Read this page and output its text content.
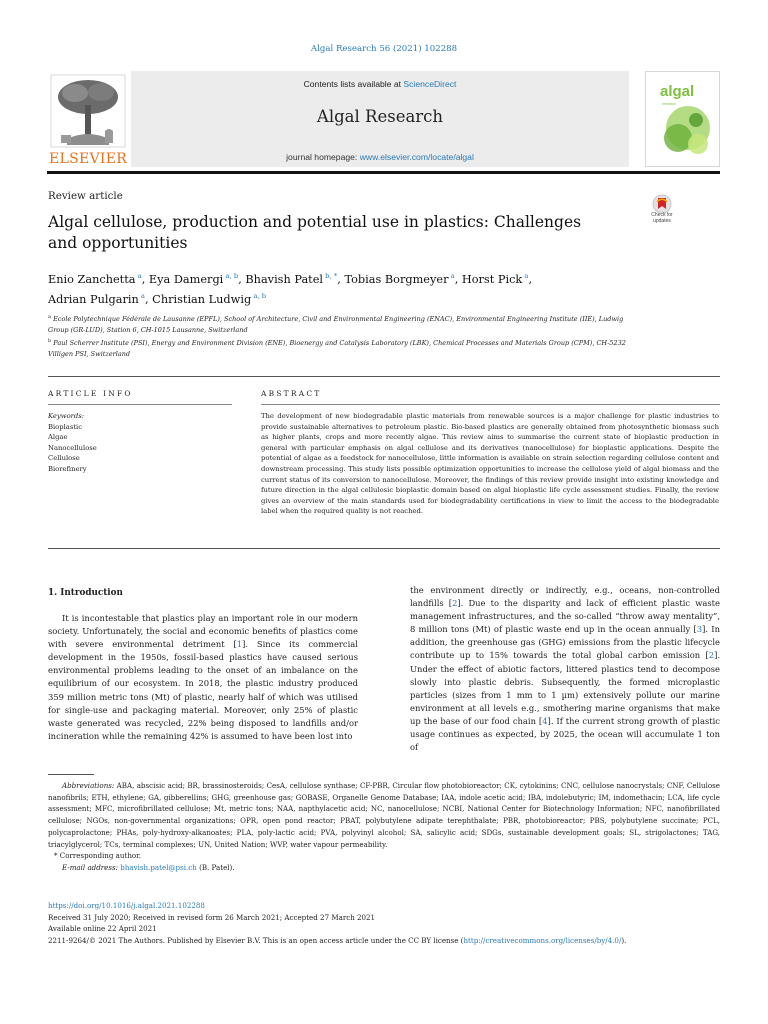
Algal Research 56 (2021) 102288
ELSEVIER
Contents lists available at ScienceDirect
Algal Research
journal homepage: www.elsevier.com/locate/algal
algal
research
Review article
Algal cellulose, production and potential use in plastics: Challenges and opportunities
Check for updates
Enio Zanchetta $^a$, Eya Damergi $^{a, b}$, Bhavish Patel $^{b, *}$, Tobias Borgmeyer $^a$, Horst Pick $^a$,
Adrian Pulgarin $^a$, Christian Ludwig $^{a, b}$
$^a$ Ecole Polytechnique Fédérale de Lausanne (EPFL), School of Architecture, Civil and Environmental Engineering (ENAC), Environmental Engineering Institute (IIE), Ludwig Group (GR-LUD), Station 6, CH-1015 Lausanne, Switzerland
$^b$ Paul Scherrer Institute (PSI), Energy and Environment Division (ENE), Bioenergy and Catalysis Laboratory (LBK), Chemical Processes and Materials Group (CPM), CH-5232 Villigen PSI, Switzerland
ARTICLE INFO	ABSTRACT
Keywords:
Bioplastic
Algae
Nanocellulose
Cellulose
Biorefinery
The development of new biodegradable plastic materials from renewable sources is a major challenge for plastic industries to provide sustainable alternatives to petroleum plastic. Bio-based plastics are generally obtained from photosynthetic biomass such as higher plants, crops and more recently algae. This review aims to summarise the current state of bioplastic production in general with particular emphasis on algal cellulose and its derivatives (nanocellulose) for bioplastic applications. Despite the potential of algae as a feedstock for nanocellulose, little information is available on strain selection regarding cellulose content and downstream processing. This study lists possible optimization opportunities to increase the cellulose yield of algal biomass and the current status of its conversion to nanocellulose. Moreover, the findings of this review provide insight into existing knowledge and future direction in the algal cellulosic bioplastic domain based on algal bioplastic life cycle assessment studies. Finally, the review gives an overview of the main standards used for biodegradability certifications in view to limit the access to the biodegradable label when the required quality is not reached.
1. Introduction

It is incontestable that plastics play an important role in our modern society. Unfortunately, the social and economic benefits of plastics come with severe environmental detriment [1]. Since its commercial development in the 1950s, fossil-based plastics have caused serious environmental problems leading to the onset of an imbalance on the equilibrium of our ecosystem. In 2018, the plastic industry produced 359 million metric tons (Mt) of plastic, nearly half of which was utilised for single-use and packaging material. Moreover, only 25% of plastic waste generated was recycled, 22% being disposed to landfills and/or incineration while the remaining 42% is assumed to have been lost into

the environment directly or indirectly, e.g., oceans, non-controlled landfills [2]. Due to the disparity and lack of efficient plastic waste management infrastructures, and the so-called “throw away mentality”, 8 million tons (Mt) of plastic waste end up in the ocean annually [3]. In addition, the greenhouse gas (GHG) emissions from the plastic lifecycle contribute up to 15% towards the total global carbon emission [2]. Under the effect of abiotic factors, littered plastics tend to decompose slowly into plastic debris. Subsequently, the formed microplastic particles (sizes from 1 mm to 1 µm) extensively pollute our marine environment at all levels e.g., smothering marine organisms that make up the base of our food chain [4]. If the current strong growth of plastic usage continues as expected, by 2025, the ocean will accumulate 1 ton of

Abbreviations: ABA, abscisic acid; BR, brassinosteroids; CesA, cellulose synthase; CF-PBR, Circular flow photobioreactor; CK, cytokinins; CNC, cellulose nanocrystals; CNF, Cellulose nanofibrils; ETH, ethylene; GA, gibberellins; GHG, greenhouse gas; GOBASE, Organelle Genome Database; IAA, indole acetic acid; IBA, indolebutyric; IM, indomethacin; LCA, life cycle assessment; MFC, microfibrillated cellulose; Mt, metric tons; NAA, napthylacetic acid; NC, nanocellulose; NCBI, National Center for Biotechnology Information; NFC, nanofibrillated cellulose; NGOs, non-governmental organizations; OPR, open pond reactor; PBAT, polybutylene adipate terephthalate; PBR, photobioreactor; PBS, polybutylene succinate; PCL, polycaprolactone; PHAs, poly-hydroxy-alkanoates; PLA, poly-lactic acid; PVA, polyvinyl alcohol; SA, salicylic acid; SDGs, sustainable development goals; SL, strigolactones; TAG, triacylglycerol; TCs, terminal complexes; UN, United Nation; WVP, water vapour permeability.
* Corresponding author.
E-mail address: bhavish.patel@psi.ch (B. Patel).
https://doi.org/10.1016/j.algal.2021.102288
Received 31 July 2020; Received in revised form 26 March 2021; Accepted 27 March 2021
Available online 22 April 2021
2211-9264/© 2021 The Authors. Published by Elsevier B.V. This is an open access article under the CC BY license (http://creativecommons.org/licenses/by/4.0/).
